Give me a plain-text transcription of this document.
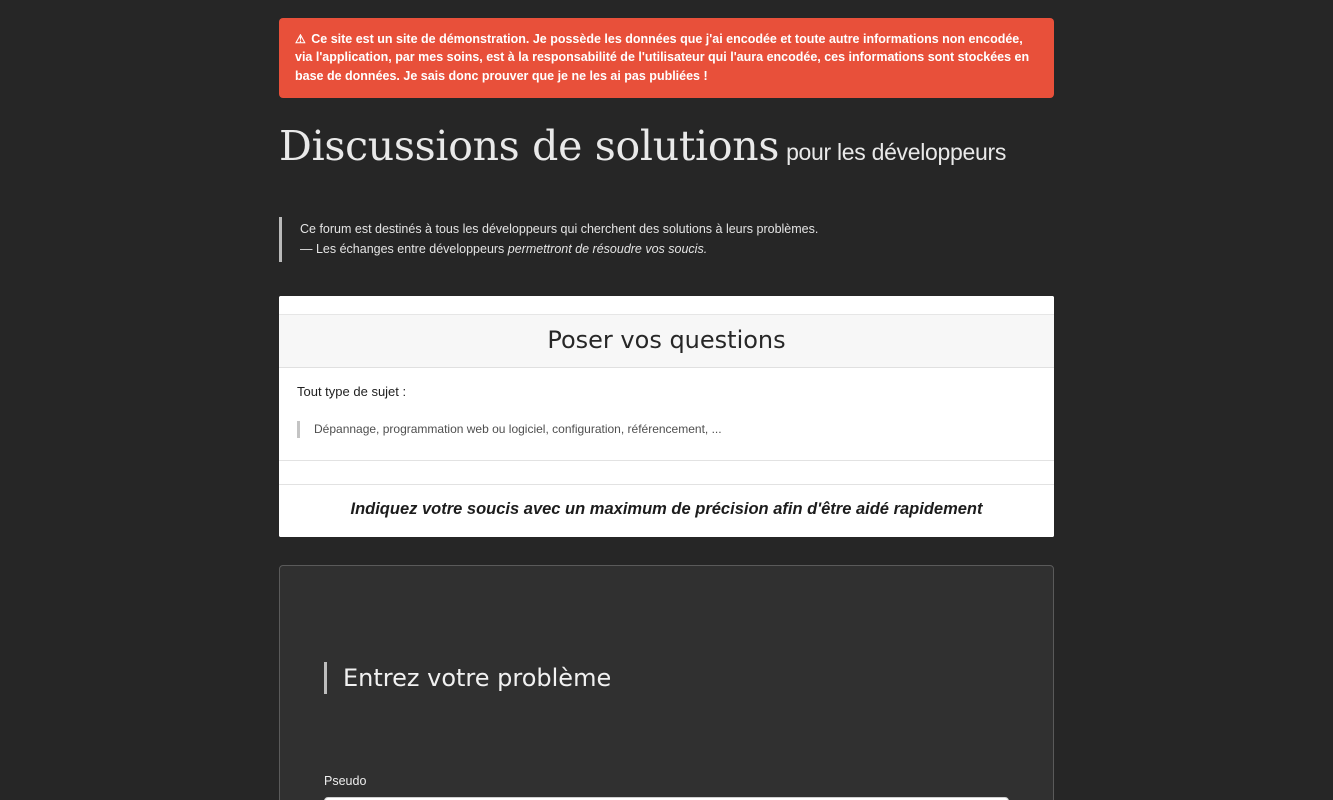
⚠ Ce site est un site de démonstration. Je possède les données que j'ai encodée et toute autre informations non encodée, via l'application, par mes soins, est à la responsabilité de l'utilisateur qui l'aura encodée, ces informations sont stockées en base de données. Je sais donc prouver que je ne les ai pas publiées !
Discussions de solutions pour les développeurs
Ce forum est destinés à tous les développeurs qui cherchent des solutions à leurs problèmes.
— Les échanges entre développeurs permettront de résoudre vos soucis.
Poser vos questions

Tout type de sujet :

Dépannage, programmation web ou logiciel, configuration, référencement, ...
Indiquez votre soucis avec un maximum de précision afin d'être aidé rapidement
Entrez votre problème
Pseudo
Veuillez entrer votre pseudo
